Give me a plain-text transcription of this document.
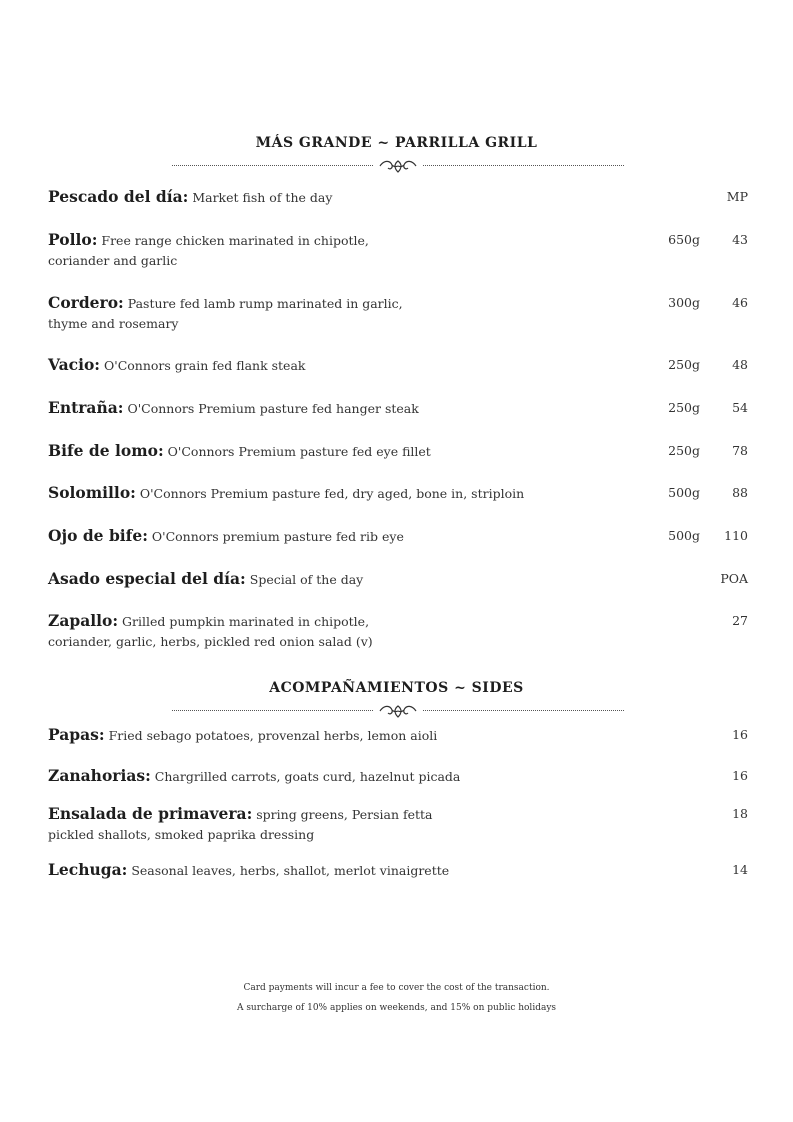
MÁS GRANDE ~ PARRILLA GRILL
Pescado del día: Market fish of the day	MP
Pollo: Free range chicken marinated in chipotle,
coriander and garlic
650g	43
Cordero: Pasture fed lamb rump marinated in garlic,
thyme and rosemary
300g	46
Vacio: O'Connors grain fed flank steak	250g	48
Entraña: O'Connors Premium pasture fed hanger steak	250g	54
Bife de lomo: O'Connors Premium pasture fed eye fillet	250g	78
Solomillo: O'Connors Premium pasture fed, dry aged, bone in, striploin	500g	88
Ojo de bife: O'Connors premium pasture fed rib eye	500g 110
Asado especial del día: Special of the day	POA
Zapallo: Grilled pumpkin marinated in chipotle,
coriander, garlic, herbs, pickled red onion salad (v)
27
ACOMPAÑAMIENTOS ~ SIDES
Papas: Fried sebago potatoes, provenzal herbs, lemon aioli	16
Zanahorias: Chargrilled carrots, goats curd, hazelnut picada	16
Ensalada de primavera: spring greens, Persian fetta
pickled shallots, smoked paprika dressing
18
Lechuga: Seasonal leaves, herbs, shallot, merlot vinaigrette	14
Card payments will incur a fee to cover the cost of the transaction.
A surcharge of 10% applies on weekends, and 15% on public holidays
